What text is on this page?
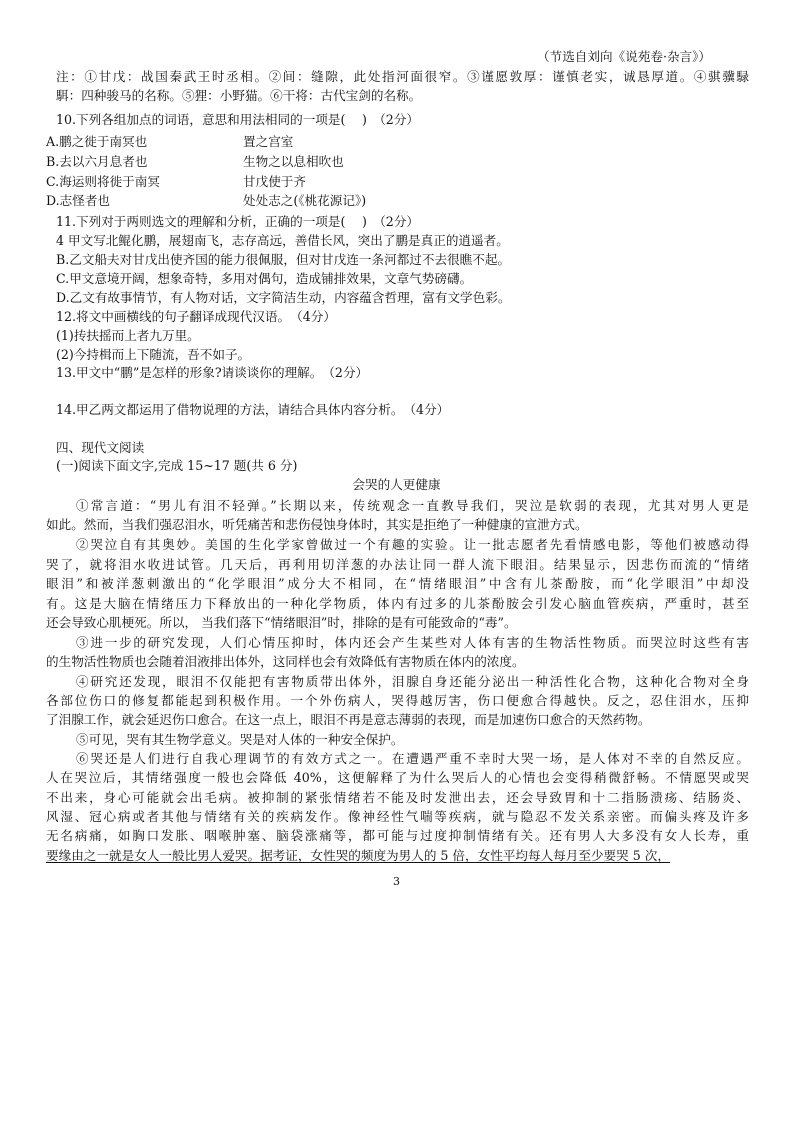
（节选自刘向《说苑卷·杂言》）
注：①甘戊：战国秦武王时丞相。②间：缝隙，此处指河面很窄。③谨愿敦厚：谨慎老实，诚恳厚道。④骐骥騄
駬：四种骏马的名称。⑤狸：小野猫。⑥干将：古代宝剑的名称。
10.下列各组加点的词语，意思和用法相同的一项是(　 )　（2分）
A.鹏之徙于南冥也	置之宫室
B.去以六月息者也	生物之以息相吹也
C.海运则将徙于南冥	甘戊使于齐
D.志怪者也	处处志之(《桃花源记》)
11.下列对于两则选文的理解和分析，正确的一项是(　 )　（2分）
4 甲文写北鲲化鹏，展翅南飞，志存高远，善借长风，突出了鹏是真正的逍遥者。
B.乙文船夫对甘戊出使齐国的能力很佩服，但对甘戊连一条河都过不去很瞧不起。
C.甲文意境开阔，想象奇特，多用对偶句，造成铺排效果，文章气势磅礴。
D.乙文有故事情节，有人物对话，文字简洁生动，内容蕴含哲理，富有文学色彩。
12.将文中画横线的句子翻译成现代汉语。　（4分）
(1)抟扶摇而上者九万里。
(2)今持楫而上下随流，吾不如子。
13.甲文中“鹏”是怎样的形象?请谈谈你的理解。　（2分）
14.甲乙两文都运用了借物说理的方法，请结合具体内容分析。　（4分）
四、现代文阅读
(一)阅读下面文字,完成 15~17 题(共 6 分)
会哭的人更健康
①常言道：“男儿有泪不轻弹。”长期以来，传统观念一直教导我们，哭泣是软弱的表现，尤其对男人更是
如此。然而，当我们强忍泪水，听凭痛苦和悲伤侵蚀身体时，其实是拒绝了一种健康的宣泄方式。
②哭泣自有其奥妙。美国的生化学家曾做过一个有趣的实验。让一批志愿者先看情感电影，等他们被感动得
哭了，就将泪水收进试管。几天后，再利用切洋葱的办法让同一群人流下眼泪。结果显示，因悲伤而流的“情绪
眼泪”和被洋葱刺激出的“化学眼泪”成分大不相同，在“情绪眼泪”中含有儿茶酚胺，而“化学眼泪”中却没
有。这是大脑在情绪压力下释放出的一种化学物质，体内有过多的儿茶酚胺会引发心脑血管疾病，严重时，甚至
还会导致心肌梗死。所以， 当我们落下“情绪眼泪”时，排除的是有可能致命的“毒”。
③进一步的研究发现，人们心情压抑时，体内还会产生某些对人体有害的生物活性物质。而哭泣时这些有害
的生物活性物质也会随着泪液排出体外，这同样也会有效降低有害物质在体内的浓度。
④研究还发现，眼泪不仅能把有害物质带出体外，泪腺自身还能分泌出一种活性化合物，这种化合物对全身
各部位伤口的修复都能起到积极作用。一个外伤病人，哭得越厉害，伤口便愈合得越快。反之，忍住泪水，压抑
了泪腺工作，就会延迟伤口愈合。在这一点上，眼泪不再是意志薄弱的表现，而是加速伤口愈合的天然药物。
⑤可见，哭有其生物学意义。哭是对人体的一种安全保护。
⑥哭还是人们进行自我心理调节的有效方式之一。在遭遇严重不幸时大哭一场，是人体对不幸的自然反应。
人在哭泣后，其情绪强度一般也会降低 40%，这便解释了为什么哭后人的心情也会变得稍微舒畅。不情愿哭或哭
不出来，身心可能就会出毛病。被抑制的紧张情绪若不能及时发泄出去，还会导致胃和十二指肠溃疡、结肠炎、
风湿、冠心病或者其他与情绪有关的疾病发作。像神经性气喘等疾病，就与隐忍不发关系亲密。而偏头疼及许多
无名病痛，如胸口发胀、咽喉肿塞、脑袋涨痛等，都可能与过度抑制情绪有关。还有男人大多没有女人长寿，重
要缘由之一就是女人一般比男人爱哭。据考证，女性哭的频度为男人的 5 倍，女性平均每人每月至少要哭 5 次，
3
